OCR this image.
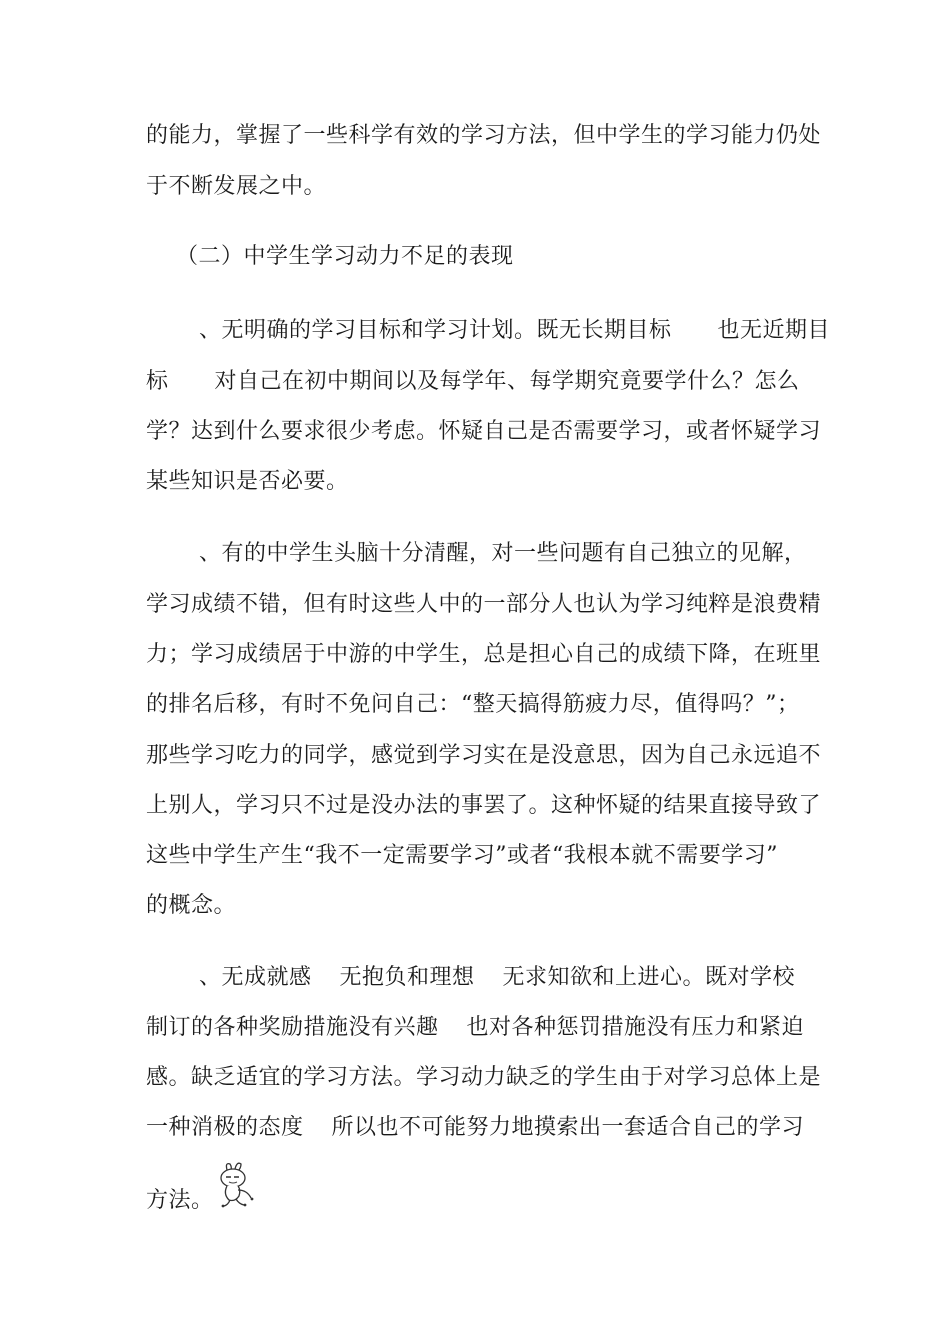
的能力，掌握了一些科学有效的学习方法，但中学生的学习能力仍处
于不断发展之中。
（二）中学生学习动力不足的表现
、无明确的学习目标和学习计划。既无长期目标 也无近期目
标 对自己在初中期间以及每学年、每学期究竟要学什么？怎么
学？达到什么要求很少考虑。怀疑自己是否需要学习，或者怀疑学习
某些知识是否必要。
、有的中学生头脑十分清醒，对一些问题有自己独立的见解，
学习成绩不错，但有时这些人中的一部分人也认为学习纯粹是浪费精
力；学习成绩居于中游的中学生，总是担心自己的成绩下降，在班里
的排名后移，有时不免问自己：“整天搞得筋疲力尽，值得吗？”；
那些学习吃力的同学，感觉到学习实在是没意思，因为自己永远追不
上别人，学习只不过是没办法的事罢了。这种怀疑的结果直接导致了
这些中学生产生“我不一定需要学习”或者“我根本就不需要学习”
的概念。
、无成就感 无抱负和理想 无求知欲和上进心。既对学校
制订的各种奖励措施没有兴趣 也对各种惩罚措施没有压力和紧迫
感。缺乏适宜的学习方法。学习动力缺乏的学生由于对学习总体上是
一种消极的态度 所以也不可能努力地摸索出一套适合自己的学习
方法。
